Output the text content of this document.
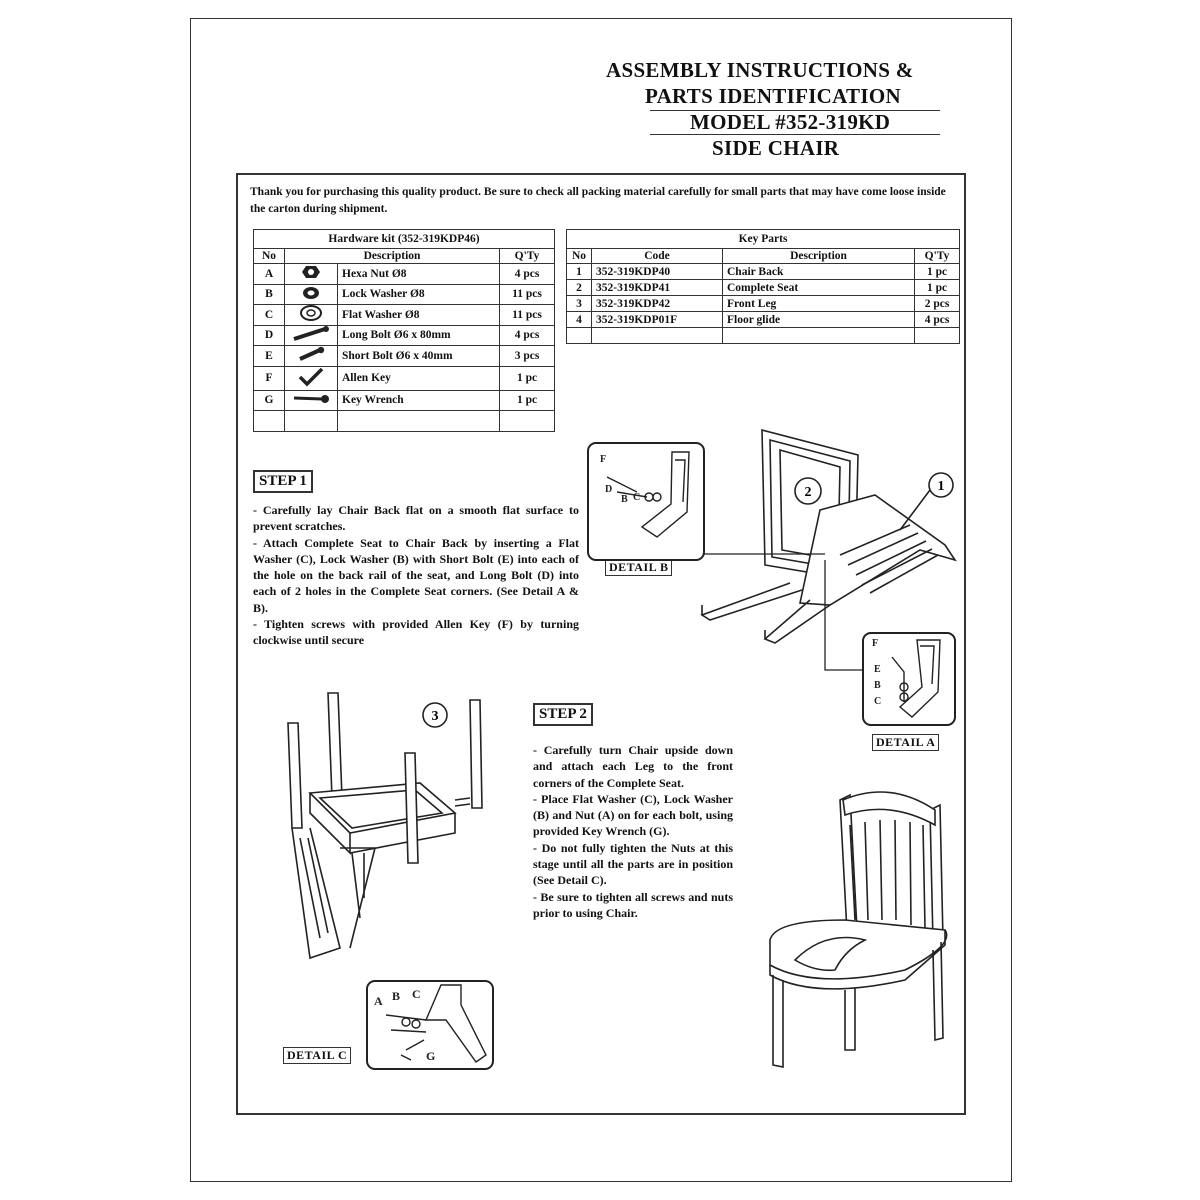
ASSEMBLY INSTRUCTIONS &
PARTS IDENTIFICATION
MODEL #352-319KD
SIDE CHAIR
Thank you for purchasing this quality product. Be sure to check all packing material carefully for small parts that may have come loose inside the carton during shipment.
Hardware kit (352-319KDP46)			
No	Description		Q'Ty
A		Hexa Nut Ø8	4 pcs
B		Lock Washer Ø8	11 pcs
C		Flat Washer Ø8	11 pcs
D		Long Bolt Ø6 x 80mm	4 pcs
E		Short Bolt Ø6 x 40mm	3 pcs
F		Allen Key	1 pc
G		Key Wrench	1 pc

Key Parts			
No	Code	Description	Q'Ty
1	352-319KDP40	Chair Back	1 pc
2	352-319KDP41	Complete Seat	1 pc
3	352-319KDP42	Front Leg	2 pcs
4	352-319KDP01F	Floor glide	4 pcs

STEP 1
- Carefully lay Chair Back flat on a smooth flat surface to prevent scratches.
- Attach Complete Seat to Chair Back by inserting a Flat Washer (C), Lock Washer (B) with Short Bolt (E) into each of the hole on the back rail of the seat, and Long Bolt (D) into each of 2 holes in the Complete Seat corners. (See Detail A & B).
- Tighten screws with provided Allen Key (F) by turning clockwise until secure
STEP 2
- Carefully turn Chair upside down and attach each Leg to the front corners of the Complete Seat.
- Place Flat Washer (C), Lock Washer (B) and Nut (A) on for each bolt, using provided Key Wrench (G).
- Do not fully tighten the Nuts at this stage until all the parts are in position (See Detail C).
- Be sure to tighten all screws and nuts prior to using Chair.
DETAIL B
DETAIL A
DETAIL C
2	1
F
D
B C
F
E
B
C
3
A B C
G
